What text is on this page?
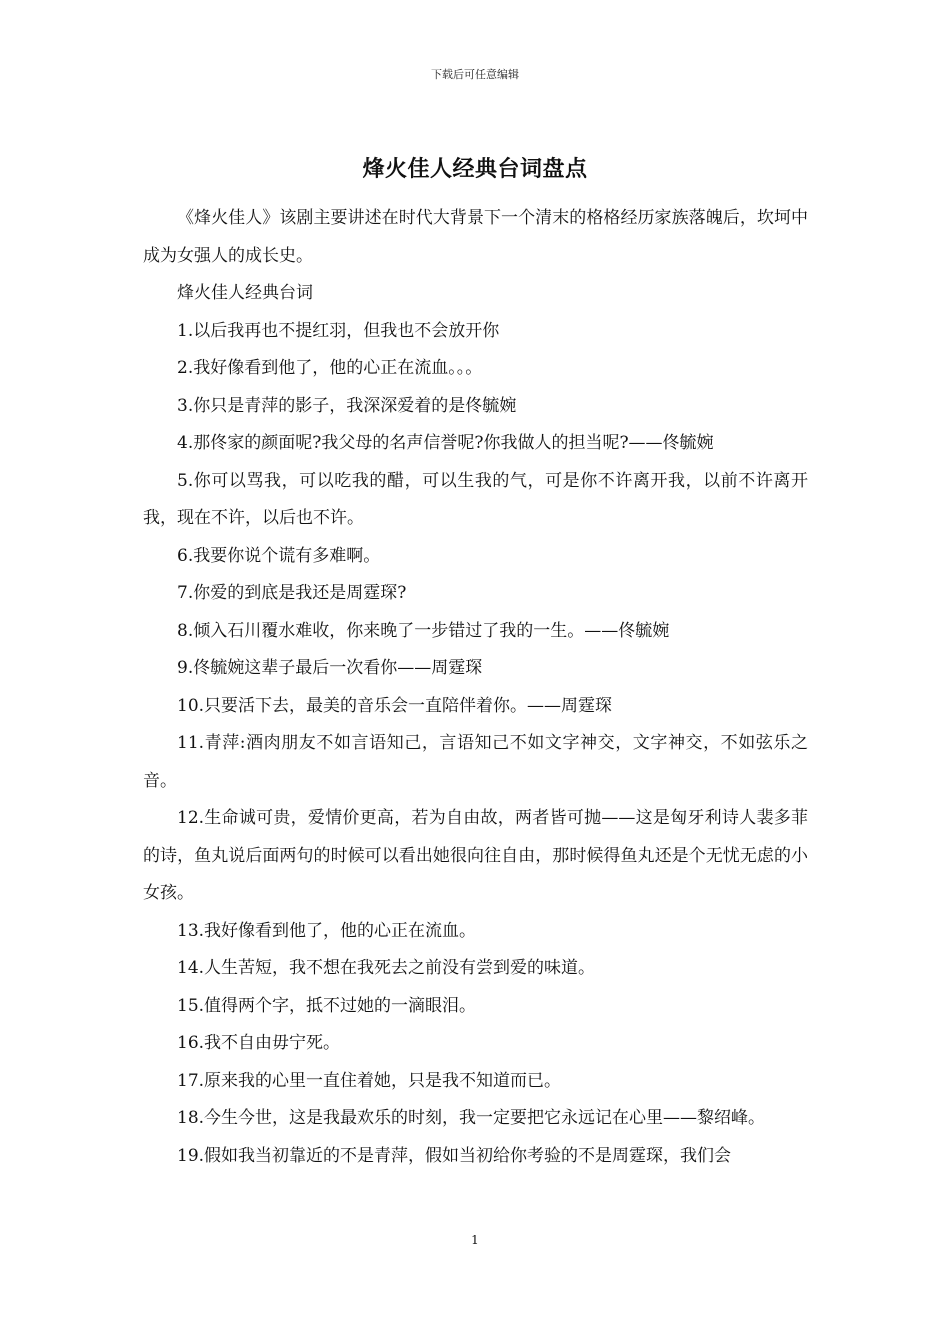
下载后可任意编辑
烽火佳人经典台词盘点

《烽火佳人》该剧主要讲述在时代大背景下一个清末的格格经历家族落魄后，坎坷中成为女强人的成长史。

烽火佳人经典台词

1.以后我再也不提红羽，但我也不会放开你

2.我好像看到他了，他的心正在流血。。。

3.你只是青萍的影子，我深深爱着的是佟毓婉

4.那佟家的颜面呢?我父母的名声信誉呢?你我做人的担当呢?——佟毓婉

5.你可以骂我，可以吃我的醋，可以生我的气，可是你不许离开我，以前不许离开我，现在不许，以后也不许。

6.我要你说个谎有多难啊。

7.你爱的到底是我还是周霆琛?

8.倾入石川覆水难收，你来晚了一步错过了我的一生。——佟毓婉

9.佟毓婉这辈子最后一次看你——周霆琛

10.只要活下去，最美的音乐会一直陪伴着你。——周霆琛

11.青萍:酒肉朋友不如言语知己，言语知己不如文字神交，文字神交，不如弦乐之音。

12.生命诚可贵，爱情价更高，若为自由故，两者皆可抛——这是匈牙利诗人裴多菲的诗，鱼丸说后面两句的时候可以看出她很向往自由，那时候得鱼丸还是个无忧无虑的小女孩。

13.我好像看到他了，他的心正在流血。

14.人生苦短，我不想在我死去之前没有尝到爱的味道。

15.值得两个字，抵不过她的一滴眼泪。

16.我不自由毋宁死。

17.原来我的心里一直住着她，只是我不知道而已。

18.今生今世，这是我最欢乐的时刻，我一定要把它永远记在心里——黎绍峰。

19.假如我当初靠近的不是青萍，假如当初给你考验的不是周霆琛，我们会

1
